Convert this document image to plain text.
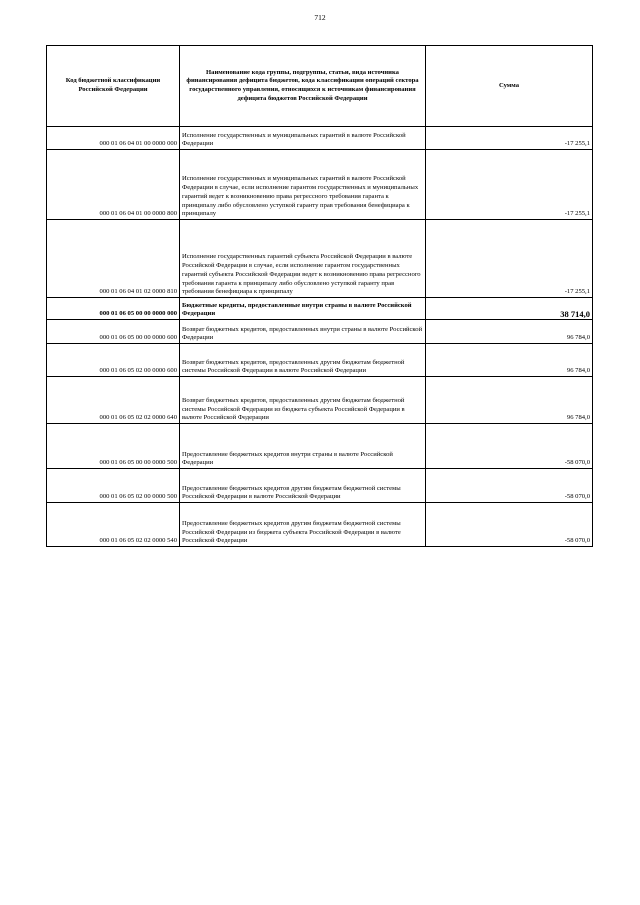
712
Код бюджетной классификации Российской Федерации	Наименование кода группы, подгруппы, статьи, вида источника финансирования дефицита бюджетов, кода классификации операций сектора государственного управления, относящихся к источникам финансирования дефицита бюджетов Российской Федерации	Сумма
000 01 06 04 01 00 0000 000	Исполнение государственных и муниципальных гарантий в валюте Российской Федерации	-17 255,1
000 01 06 04 01 00 0000 800	Исполнение государственных и муниципальных гарантий в валюте Российской Федерации в случае, если исполнение гарантом государственных и муниципальных гарантий ведет к возникновению права регрессного требования гаранта к принципалу либо обусловлено уступкой гаранту прав требования бенефициара к принципалу	-17 255,1
000 01 06 04 01 02 0000 810	Исполнение государственных гарантий субъекта Российской Федерации в валюте Российской Федерации в случае, если исполнение гарантом государственных гарантий субъекта Российской Федерации ведет к возникновению права регрессного требования гаранта к принципалу либо обусловлено уступкой гаранту прав требования бенефициара к принципалу	-17 255,1
000 01 06 05 00 00 0000 000	Бюджетные кредиты, предоставленные внутри страны в валюте Российской Федерации	38 714,0
000 01 06 05 00 00 0000 600	Возврат бюджетных кредитов, предоставленных внутри страны в валюте Российской Федерации	96 784,0
000 01 06 05 02 00 0000 600	Возврат бюджетных кредитов, предоставленных другим бюджетам бюджетной системы Российской Федерации в валюте Российской Федерации	96 784,0
000 01 06 05 02 02 0000 640	Возврат бюджетных кредитов, предоставленных другим бюджетам бюджетной системы Российской Федерации из бюджета субъекта Российской Федерации в валюте Российской Федерации	96 784,0
000 01 06 05 00 00 0000 500	Предоставление бюджетных кредитов внутри страны в валюте Российской Федерации	-58 070,0
000 01 06 05 02 00 0000 500	Предоставление бюджетных кредитов другим бюджетам бюджетной системы Российской Федерации в валюте Российской Федерации	-58 070,0
000 01 06 05 02 02 0000 540	Предоставление бюджетных кредитов другим бюджетам бюджетной системы Российской Федерации из бюджета субъекта Российской Федерации в валюте Российской Федерации	-58 070,0
